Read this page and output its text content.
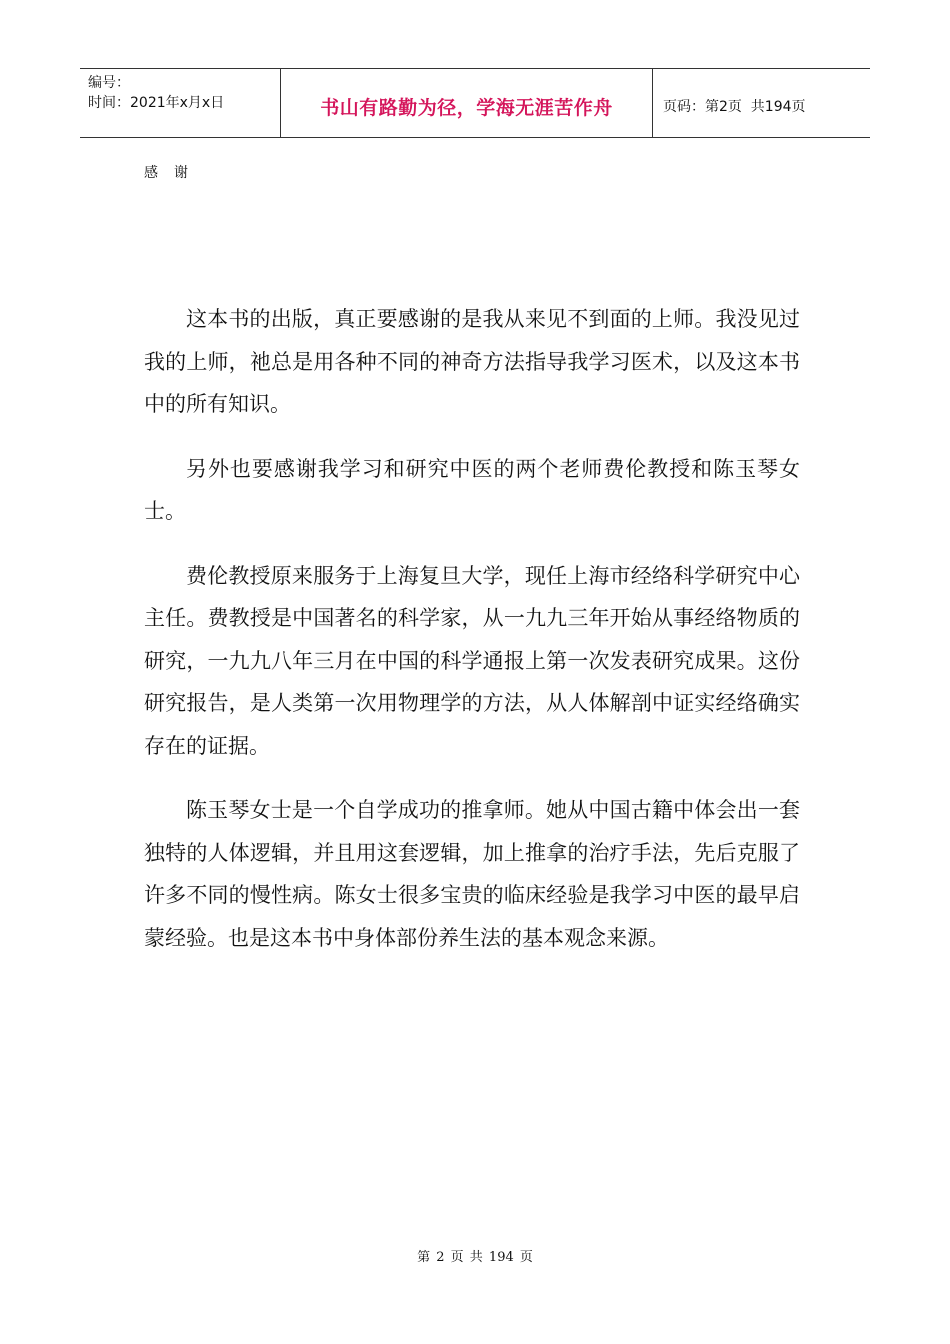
编号：
时间：2021年x月x日	书山有路勤为径，学海无涯苦作舟	页码：第2页  共194页
感谢

这本书的出版，真正要感谢的是我从来见不到面的上师。我没见过我的上师，祂总是用各种不同的神奇方法指导我学习医术，以及这本书中的所有知识。

另外也要感谢我学习和研究中医的两个老师费伦教授和陈玉琴女士。

费伦教授原来服务于上海复旦大学，现任上海市经络科学研究中心主任。费教授是中国著名的科学家，从一九九三年开始从事经络物质的研究，一九九八年三月在中国的科学通报上第一次发表研究成果。这份研究报告，是人类第一次用物理学的方法，从人体解剖中证实经络确实存在的证据。

陈玉琴女士是一个自学成功的推拿师。她从中国古籍中体会出一套独特的人体逻辑，并且用这套逻辑，加上推拿的治疗手法，先后克服了许多不同的慢性病。陈女士很多宝贵的临床经验是我学习中医的最早启蒙经验。也是这本书中身体部份养生法的基本观念来源。

第 2 页 共 194 页
